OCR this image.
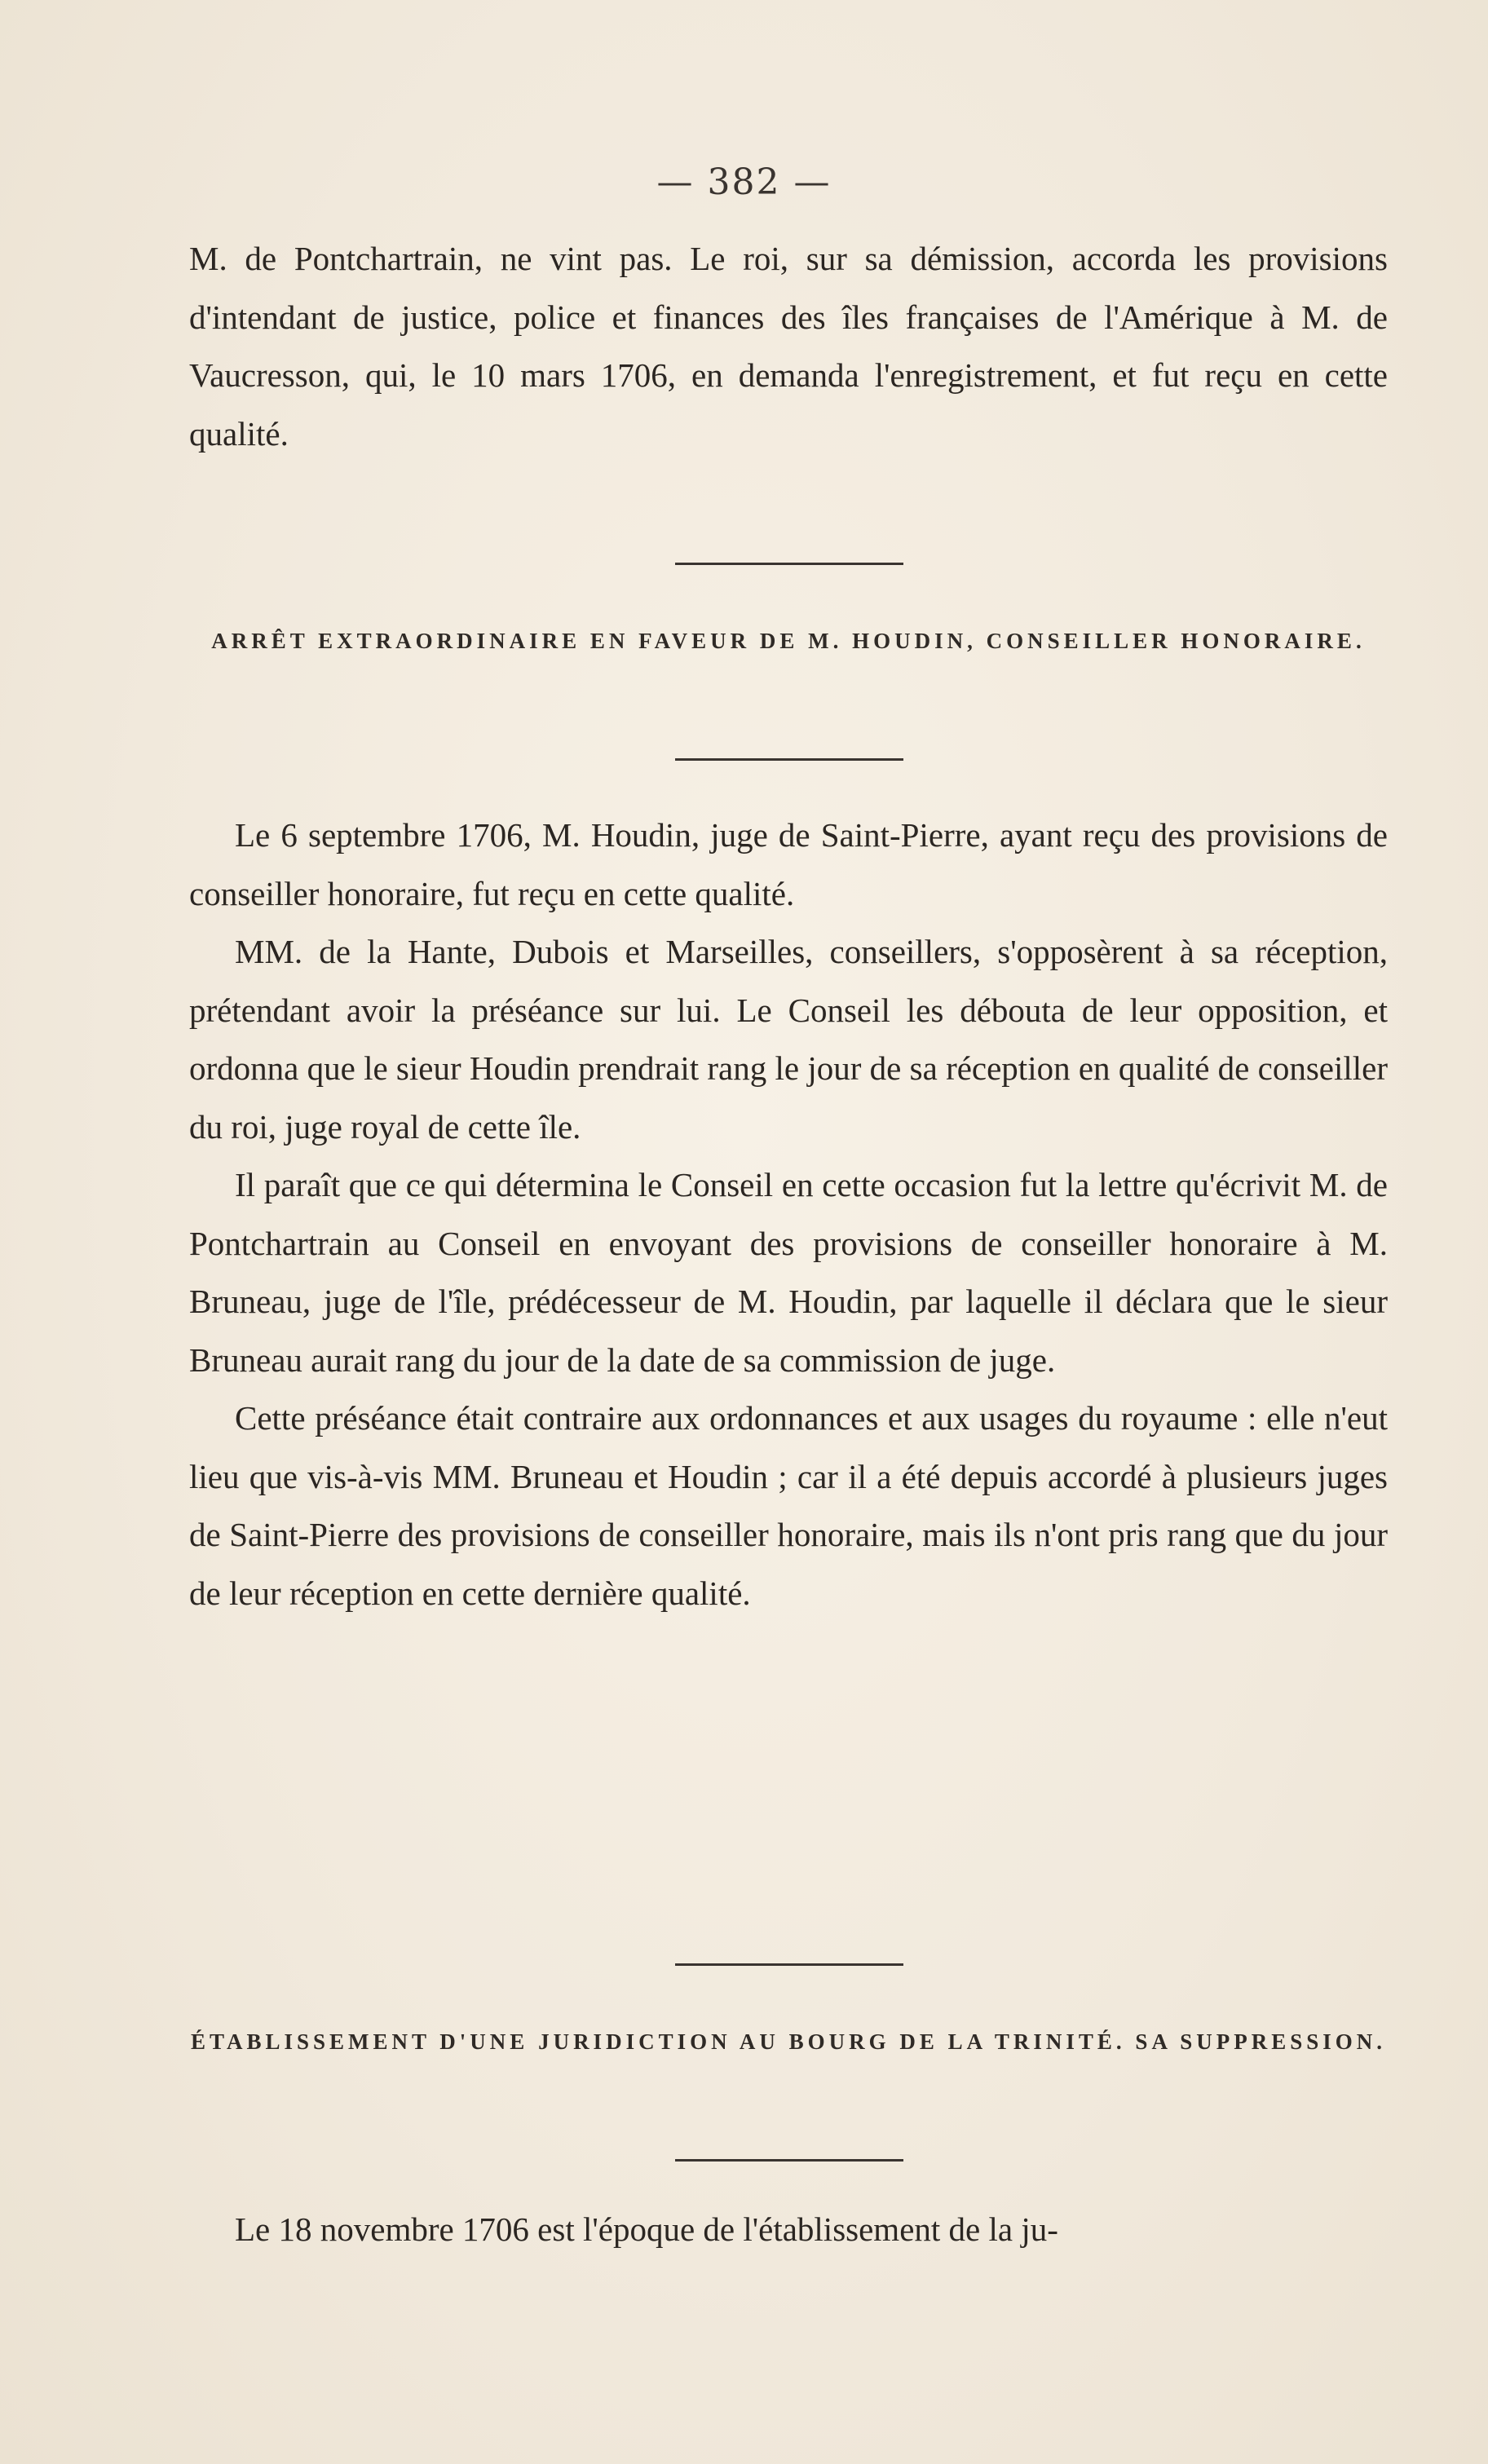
— 382 —

M. de Pontchartrain, ne vint pas. Le roi, sur sa démission, accorda les provisions d'intendant de justice, police et finances des îles françaises de l'Amérique à M. de Vaucresson, qui, le 10 mars 1706, en demanda l'enregistrement, et fut reçu en cette qualité.

ARRÊT EXTRAORDINAIRE EN FAVEUR DE M. HOUDIN, CONSEILLER HONORAIRE.

Le 6 septembre 1706, M. Houdin, juge de Saint-Pierre, ayant reçu des provisions de conseiller honoraire, fut reçu en cette qualité.

MM. de la Hante, Dubois et Marseilles, conseillers, s'opposèrent à sa réception, prétendant avoir la préséance sur lui. Le Conseil les débouta de leur opposition, et ordonna que le sieur Houdin prendrait rang le jour de sa réception en qualité de conseiller du roi, juge royal de cette île.

Il paraît que ce qui détermina le Conseil en cette occasion fut la lettre qu'écrivit M. de Pontchartrain au Conseil en envoyant des provisions de conseiller honoraire à M. Bruneau, juge de l'île, prédécesseur de M. Houdin, par laquelle il déclara que le sieur Bruneau aurait rang du jour de la date de sa commission de juge.

Cette préséance était contraire aux ordonnances et aux usages du royaume : elle n'eut lieu que vis-à-vis MM. Bruneau et Houdin ; car il a été depuis accordé à plusieurs juges de Saint-Pierre des provisions de conseiller honoraire, mais ils n'ont pris rang que du jour de leur réception en cette dernière qualité.

ÉTABLISSEMENT D'UNE JURIDICTION AU BOURG DE LA TRINITÉ. SA SUPPRESSION.

Le 18 novembre 1706 est l'époque de l'établissement de la ju-
